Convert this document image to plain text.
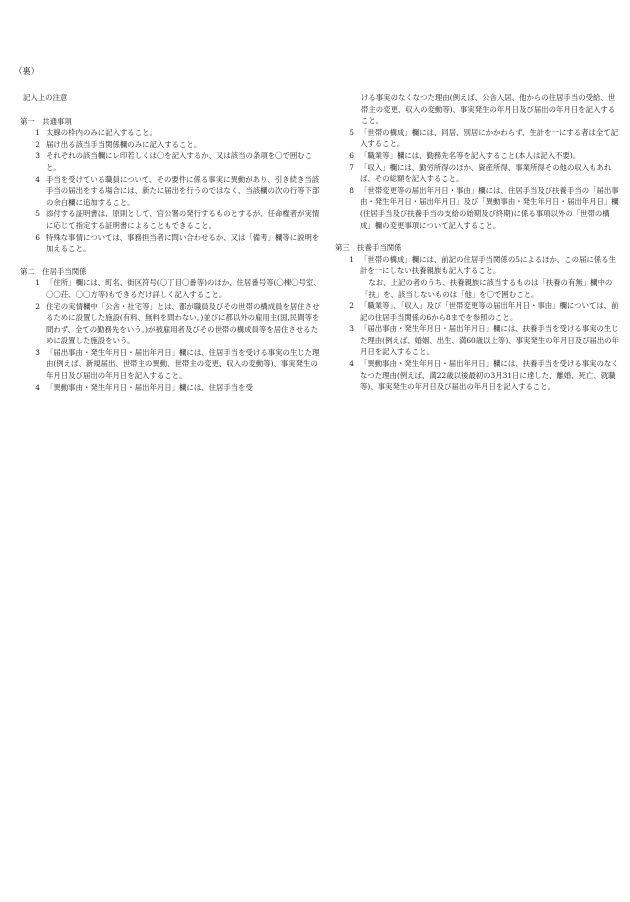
（裏）
記入上の注意
第一　共通事項
1 太線の枠内のみに記入すること。
2 届け出る該当手当関係欄のみに記入すること。
3 それぞれの該当欄にレ印若しくは〇を記入するか、又は該当の条項を〇で囲むこと。
4 手当を受けている職員について、その要件に係る事実に異動があり、引き続き当該手当の届出をする場合には、新たに届出を行うのではなく、当該欄の次の行等下部の余白欄に追加すること。
5 添付する証明書は、原則として、官公署の発行するものとするが、任命権者が実情に応じて指定する証明書によることもできること。
6 特殊な事情については、事務担当者に問い合わせるか、又は「備考」欄等に説明を加えること。
第二　住居手当関係
1 「住所」欄には、町名、街区符号(〇丁目〇番等)のほか、住居番号等(〇棟〇号室、〇〇荘、〇〇方等)もできるだけ詳しく記入すること。
2 住宅の実情欄中「公舎・社宅等」とは、都が職員及びその世帯の構成員を居住させるために設置した施設(有料、無料を問わない。)並びに都以外の雇用主(国,民間等を問わず、全ての勤務先をいう。)が被雇用者及びその世帯の構成員等を居住させるために設置した施設をいう。
3 「届出事由・発生年月日・届出年月日」欄には、住居手当を受ける事実の生じた理由(例えば、新規届出、世帯主の異動、世帯主の変更、収入の変動等)、事実発生の年月日及び届出の年月日を記入すること。
4 「異動事由・発生年月日・届出年月日」欄には、住居手当を受
ける事実のなくなつた理由(例えば、公舎入居、他からの住居手当の受給、世帯主の変更、収入の変動等)、事実発生の年月日及び届出の年月日を記入すること。
5 「世帯の構成」欄には、同居、別居にかかわらず、生計を一にする者は全て記入すること。
6 「職業等」欄には、勤務先名等を記入すること(本人は記入不要)。
7 「収入」欄には、勤労所得のほか、資産所得、事業所得その他の収入もあれば、その総額を記入すること。
8 「世帯変更等の届出年月日・事由」欄には、住居手当及び扶養手当の「届出事由・発生年月日・届出年月日」及び「異動事由・発生年月日・届出年月日」欄(住居手当及び扶養手当の支給の始期及び終期)に係る事項以外の「世帯の構成」欄の変更事項について記入すること。
第三　扶養手当関係
1 「世帯の構成」欄には、前記の住居手当関係の5によるほか、この届に係る生計を一にしない扶養親族も記入すること。
なお、上記の者のうち、扶養親族に該当するものは「扶養の有無」欄中の「扶」を、該当しないものは「他」を〇で囲むこと。
2 「職業等」、「収入」及び「世帯変更等の届出年月日・事由」欄については、前記の住居手当関係の6から8までを参照のこと。
3 「届出事由・発生年月日・届出年月日」欄には、扶養手当を受ける事実の生じた理由(例えば、婚姻、出生、満60歳以上等)、事実発生の年月日及び届出の年月日を記入すること。
4 「異動事由・発生年月日・届出年月日」欄には、扶養手当を受ける事実のなくなつた理由(例えば、満22歳以後最初の3月31日に達した、離婚、死亡、就職等)、事実発生の年月日及び届出の年月日を記入すること。
